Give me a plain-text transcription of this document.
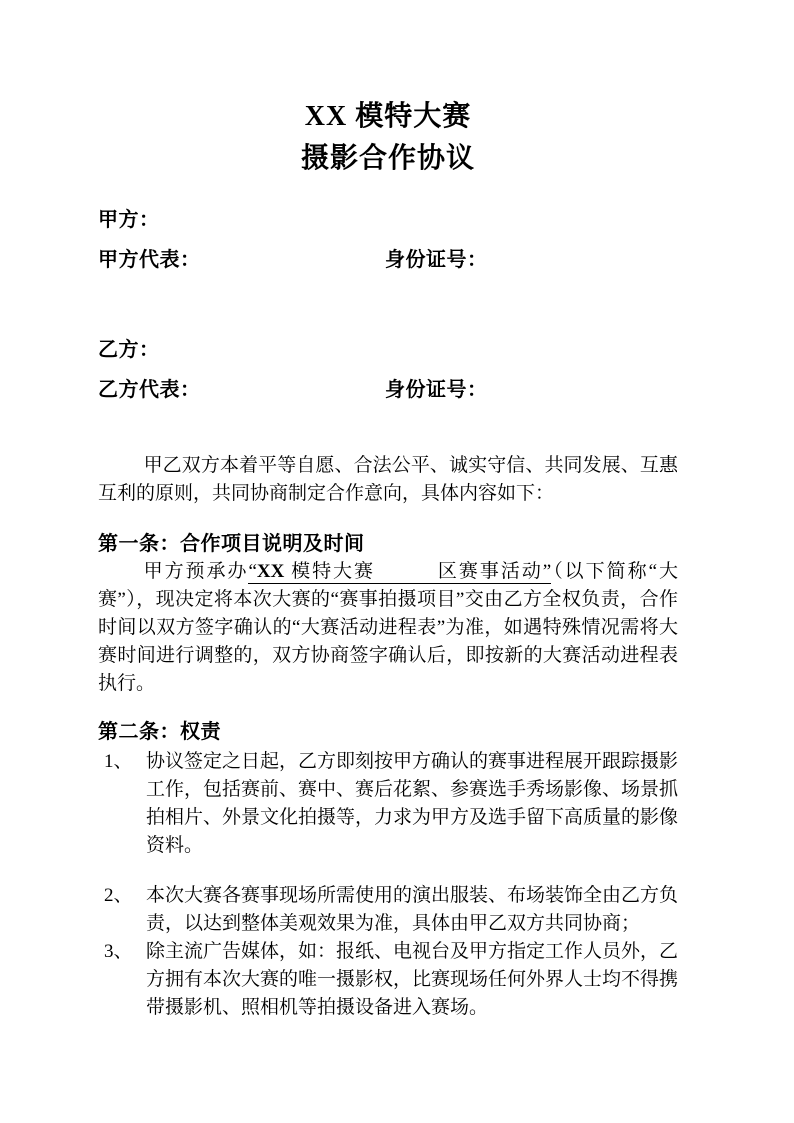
XX 模特大赛
摄影合作协议
甲方：
甲方代表：	身份证号：
乙方：
乙方代表：	身份证号：
甲乙双方本着平等自愿、合法公平、诚实守信、共同发展、互惠互利的原则，共同协商制定合作意向，具体内容如下：
第一条：合作项目说明及时间
甲方预承办“XX 模特大赛　　　区赛事活动”（以下简称“大赛”），现决定将本次大赛的“赛事拍摄项目”交由乙方全权负责，合作时间以双方签字确认的“大赛活动进程表”为准，如遇特殊情况需将大赛时间进行调整的，双方协商签字确认后，即按新的大赛活动进程表执行。
第二条：权责
1、 协议签定之日起，乙方即刻按甲方确认的赛事进程展开跟踪摄影工作，包括赛前、赛中、赛后花絮、参赛选手秀场影像、场景抓拍相片、外景文化拍摄等，力求为甲方及选手留下高质量的影像资料。
2、 本次大赛各赛事现场所需使用的演出服装、布场装饰全由乙方负责，以达到整体美观效果为准，具体由甲乙双方共同协商；
3、 除主流广告媒体，如：报纸、电视台及甲方指定工作人员外，乙方拥有本次大赛的唯一摄影权，比赛现场任何外界人士均不得携带摄影机、照相机等拍摄设备进入赛场。
